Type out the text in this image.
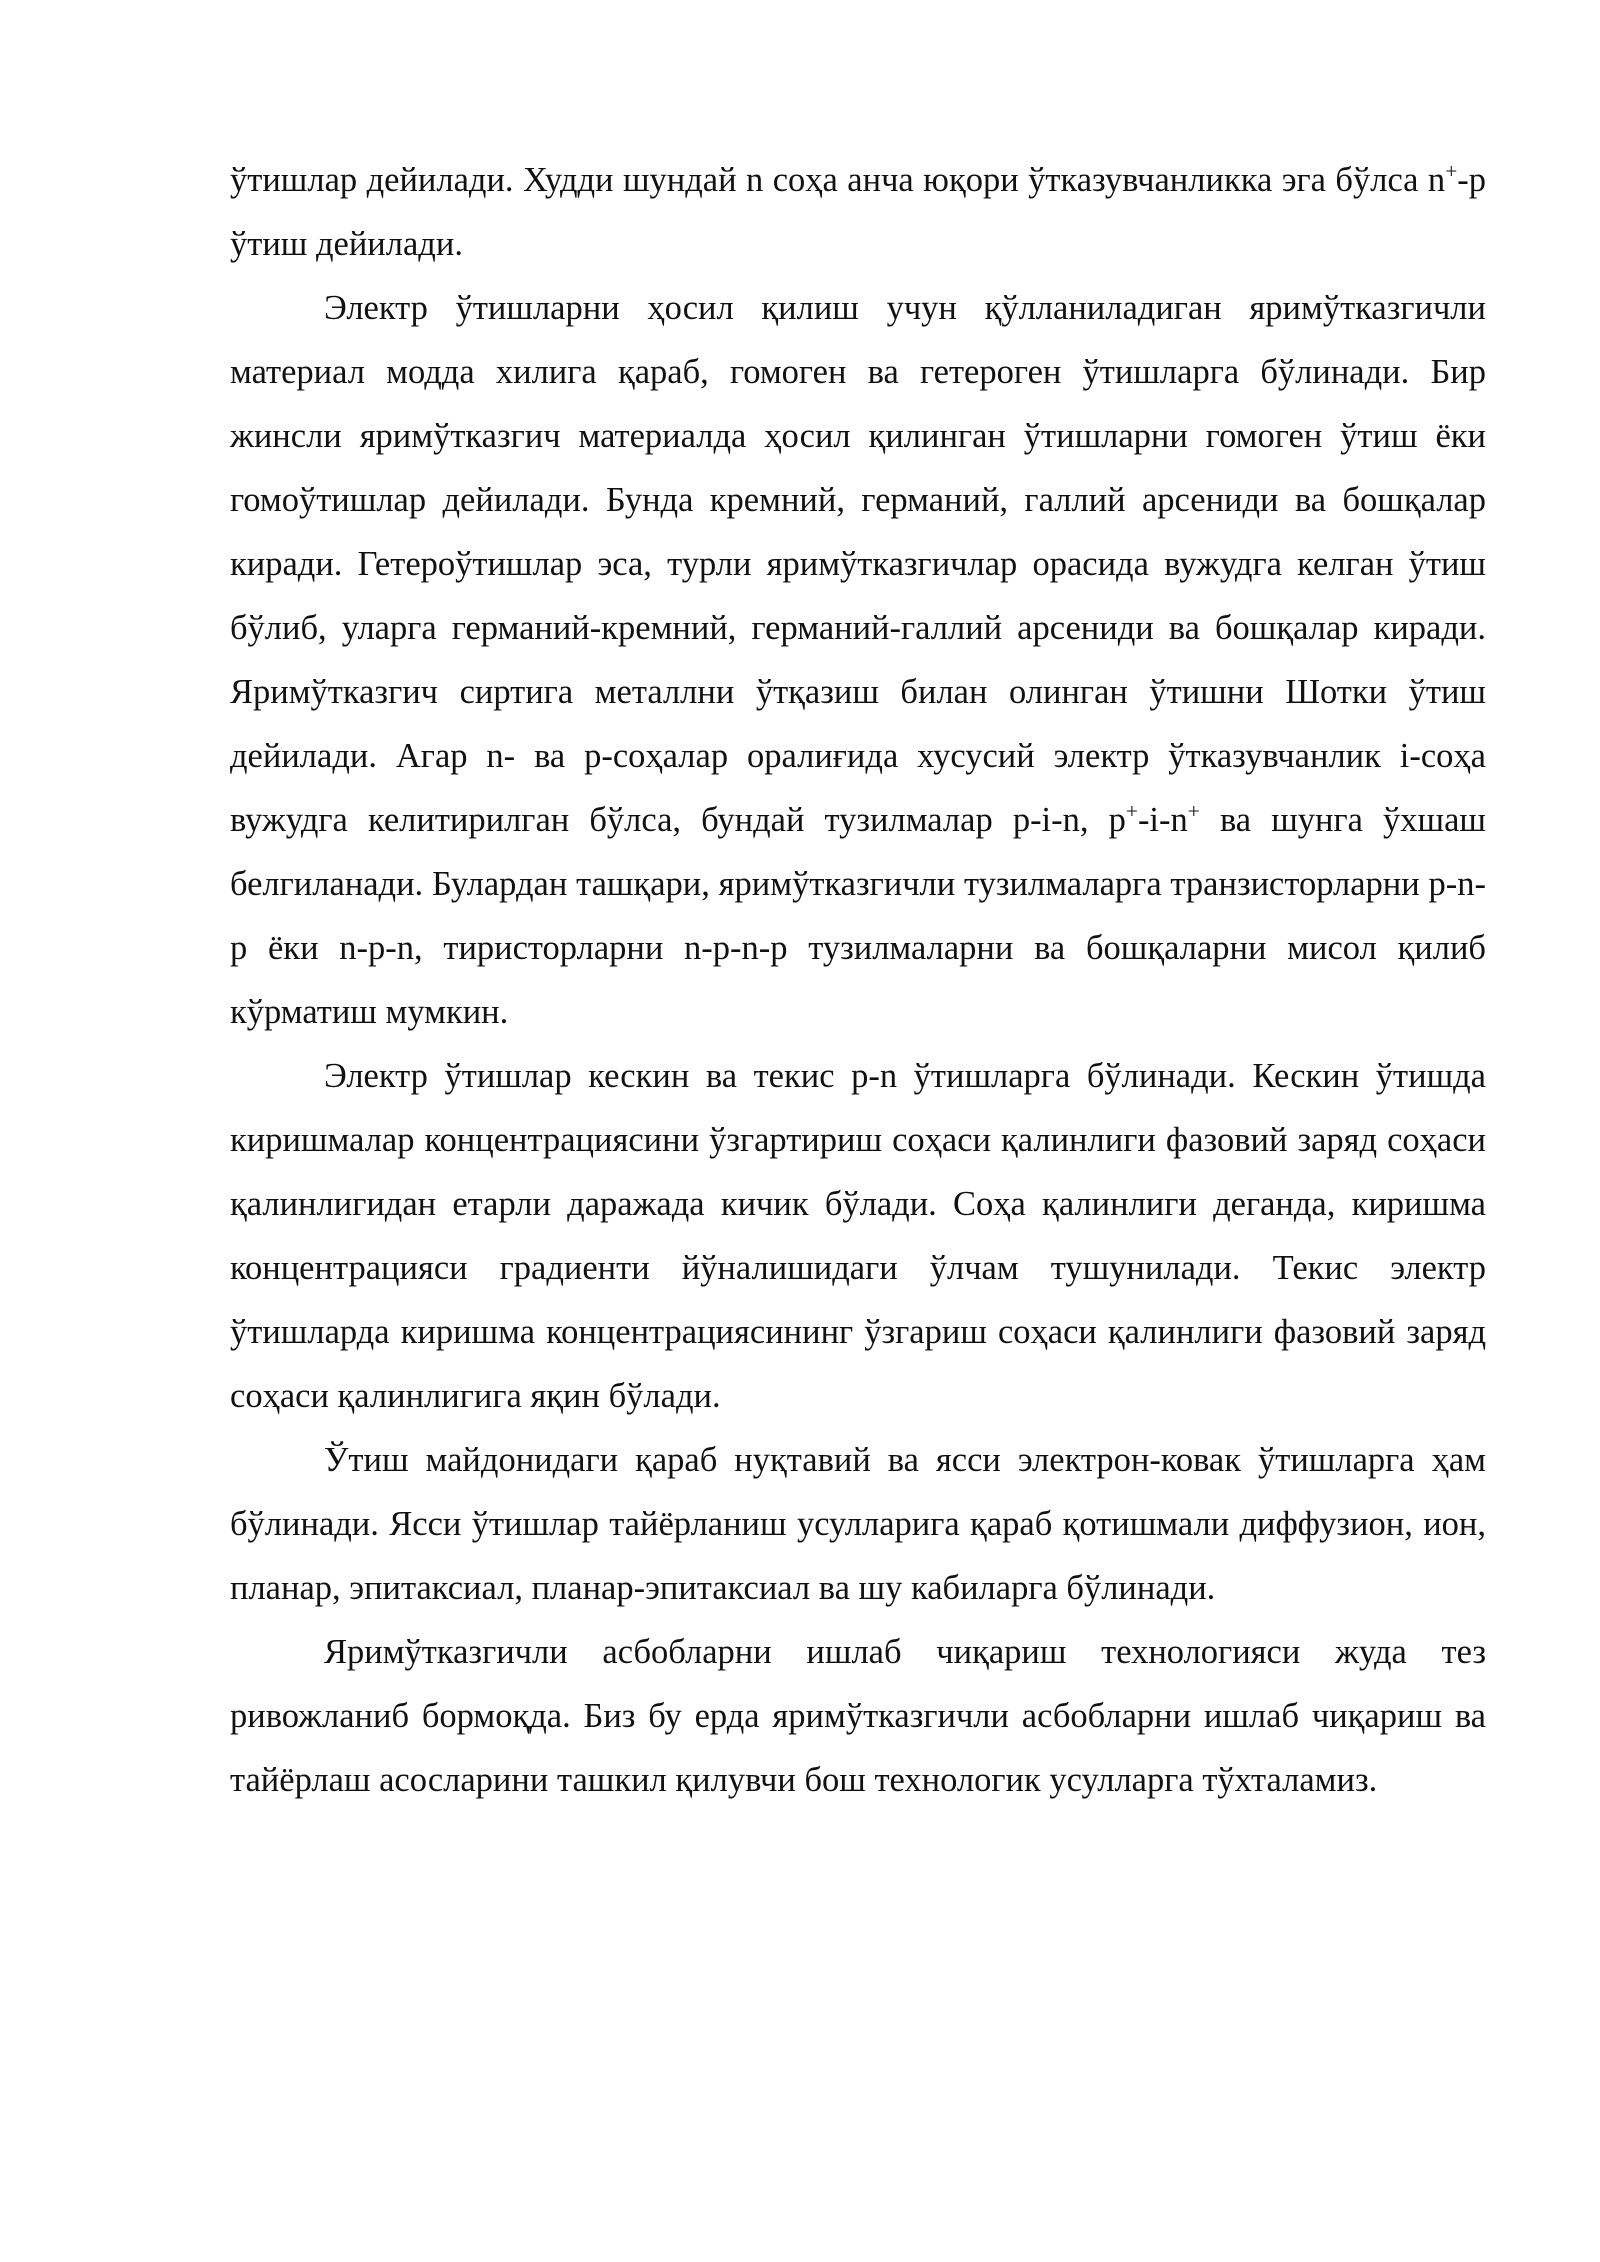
ўтишлар дейилади. Худди шундай n соҳа анча юқори ўтказувчанликка эга бўлса n+-р ўтиш дейилади.

Электр ўтишларни ҳосил қилиш учун қўлланиладиган яримўтказгичли материал модда хилига қараб, гомоген ва гетероген ўтишларга бўлинади. Бир жинсли яримўтказгич материалда ҳосил қилинган ўтишларни гомоген ўтиш ёки гомоўтишлар дейилади. Бунда кремний, германий, галлий арсениди ва бошқалар киради. Гетероўтишлар эса, турли яримўтказгичлар орасида вужудга келган ўтиш бўлиб, уларга германий-кремний, германий-галлий арсениди ва бошқалар киради. Яримўтказгич сиртига металлни ўтқазиш билан олинган ўтишни Шотки ўтиш дейилади. Агар n- ва р-соҳалар оралиғида хусусий электр ўтказувчанлик i-соҳа вужудга келитирилган бўлса, бундай тузилмалар p-i-n, p+-i-n+ ва шунга ўхшаш белгиланади. Булардан ташқари, яримўтказгичли тузилмаларга транзисторларни p-n-p ёки n-p-n, тиристорларни n-p-n-p тузилмаларни ва бошқаларни мисол қилиб кўрматиш мумкин.

Электр ўтишлар кескин ва текис p-n ўтишларга бўлинади. Кескин ўтишда киришмалар концентрациясини ўзгартириш соҳаси қалинлиги фазовий заряд соҳаси қалинлигидан етарли даражада кичик бўлади. Соҳа қалинлиги деганда, киришма концентрацияси градиенти йўналишидаги ўлчам тушунилади. Текис электр ўтишларда киришма концентрациясининг ўзгариш соҳаси қалинлиги фазовий заряд соҳаси қалинлигига яқин бўлади.

Ўтиш майдонидаги қараб нуқтавий ва ясси электрон-ковак ўтишларга ҳам бўлинади. Ясси ўтишлар тайёрланиш усулларига қараб қотишмали диффузион, ион, планар, эпитаксиал, планар-эпитаксиал ва шу кабиларга бўлинади.

Яримўтказгичли асбобларни ишлаб чиқариш технологияси жуда тез ривожланиб бормоқда. Биз бу ерда яримўтказгичли асбобларни ишлаб чиқариш ва тайёрлаш асосларини ташкил қилувчи бош технологик усулларга тўхталамиз.
